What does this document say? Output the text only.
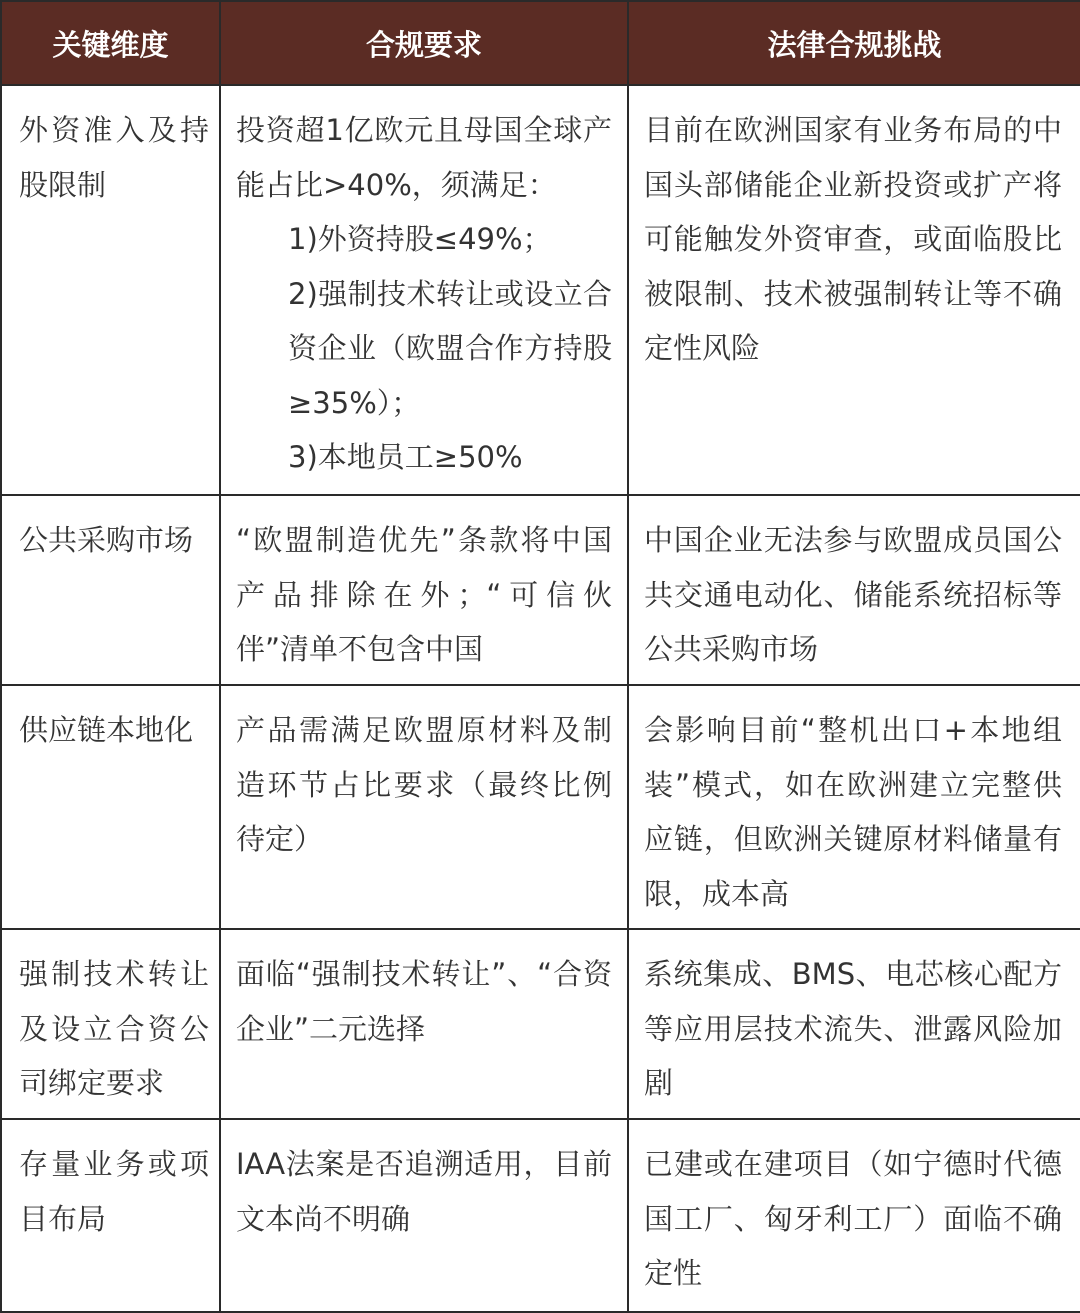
关键维度	合规要求	法律合规挑战
外资准入及持股限制	投资超1亿欧元且母国全球产能占比>40%，须满足：
1)外资持股≤49%；
2)强制技术转让或设立合资企业（欧盟合作方持股≥35%）；
3)本地员工≥50%	目前在欧洲国家有业务布局的中国头部储能企业新投资或扩产将可能触发外资审查，或面临股比被限制、技术被强制转让等不确定性风险
公共采购市场	“欧盟制造优先”条款将中国产品排除在外；“可信伙伴”清单不包含中国	中国企业无法参与欧盟成员国公共交通电动化、储能系统招标等公共采购市场
供应链本地化	产品需满足欧盟原材料及制造环节占比要求（最终比例待定）	会影响目前“整机出口+本地组装”模式，如在欧洲建立完整供应链，但欧洲关键原材料储量有限，成本高
强制技术转让及设立合资公司绑定要求	面临“强制技术转让”、“合资企业”二元选择	系统集成、BMS、电芯核心配方等应用层技术流失、泄露风险加剧
存量业务或项目布局	IAA法案是否追溯适用，目前文本尚不明确	已建或在建项目（如宁德时代德国工厂、匈牙利工厂）面临不确定性
